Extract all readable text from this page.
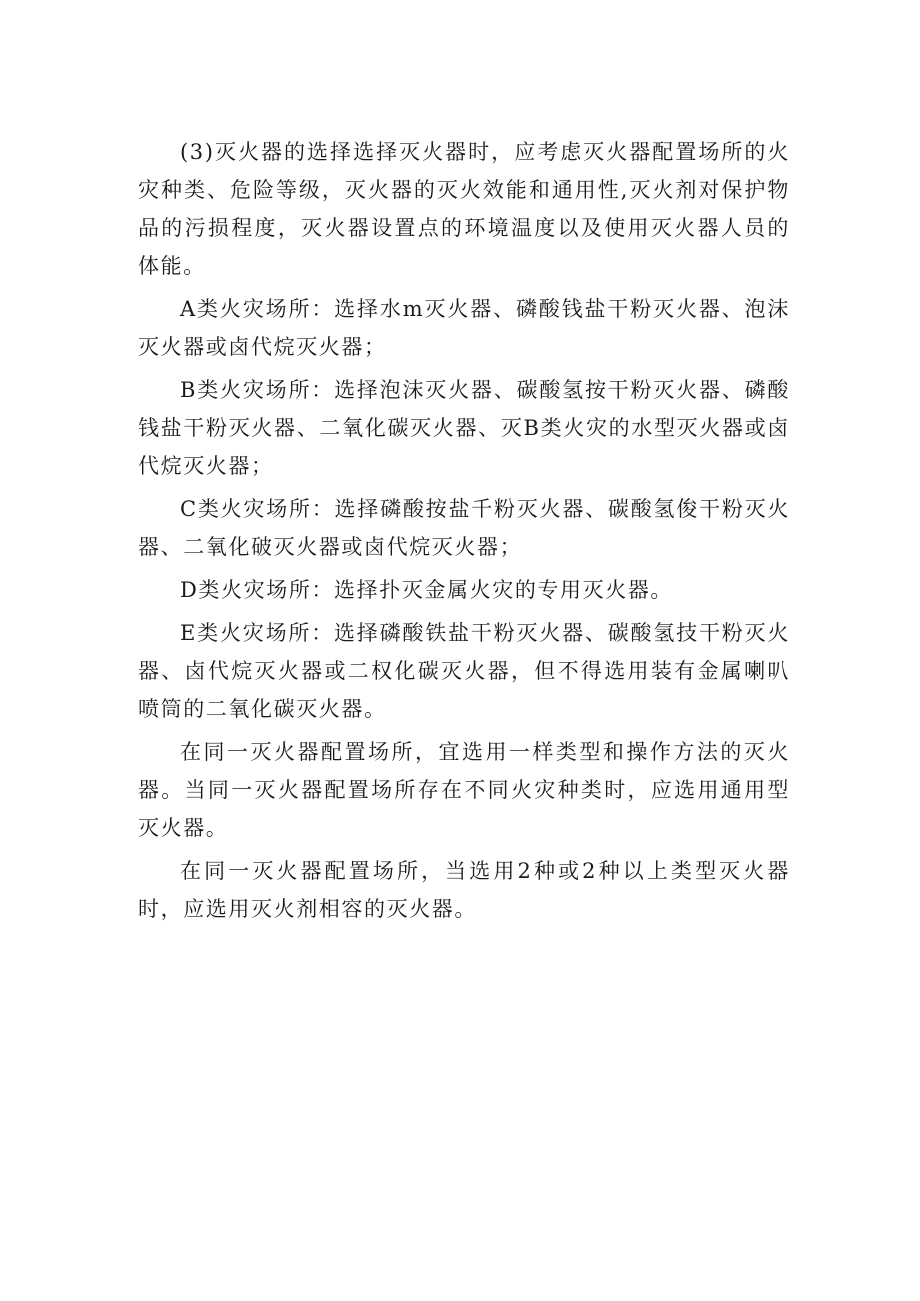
(3)灭火器的选择选择灭火器时，应考虑灭火器配置场所的火灾种类、危险等级，灭火器的灭火效能和通用性,灭火剂对保护物品的污损程度，灭火器设置点的环境温度以及使用灭火器人员的体能。

A类火灾场所：选择水m灭火器、磷酸钱盐干粉灭火器、泡沫灭火器或卤代烷灭火器；

B类火灾场所：选择泡沫灭火器、碳酸氢按干粉灭火器、磷酸钱盐干粉灭火器、二氧化碳灭火器、灭B类火灾的水型灭火器或卤代烷灭火器；

C类火灾场所：选择磷酸按盐千粉灭火器、碳酸氢俊干粉灭火器、二氧化破灭火器或卤代烷灭火器；

D类火灾场所：选择扑灭金属火灾的专用灭火器。

E类火灾场所：选择磷酸铁盐干粉灭火器、碳酸氢技干粉灭火器、卤代烷灭火器或二权化碳灭火器，但不得选用装有金属喇叭喷筒的二氧化碳灭火器。

在同一灭火器配置场所，宜选用一样类型和操作方法的灭火器。当同一灭火器配置场所存在不同火灾种类时，应选用通用型灭火器。

在同一灭火器配置场所，当选用2种或2种以上类型灭火器时，应选用灭火剂相容的灭火器。
